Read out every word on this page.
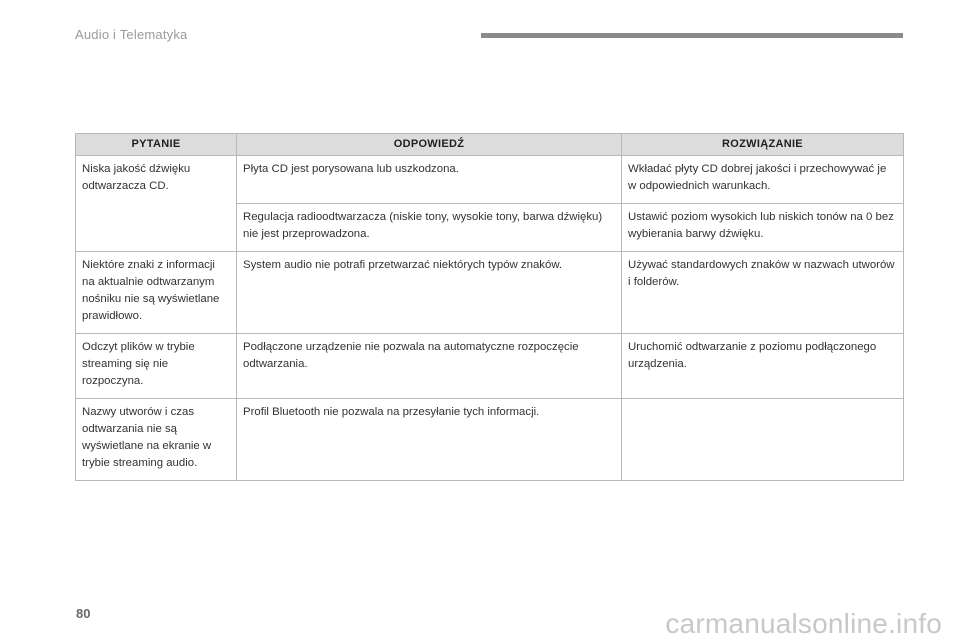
Audio i Telematyka
PYTANIE	ODPOWIEDŹ	ROZWIĄZANIE
Niska jakość dźwięku odtwarzacza CD.	Płyta CD jest porysowana lub uszkodzona.	Wkładać płyty CD dobrej jakości i przechowywać je w odpowiednich warunkach.
	Regulacja radioodtwarzacza (niskie tony, wysokie tony, barwa dźwięku) nie jest przeprowadzona.	Ustawić poziom wysokich lub niskich tonów na 0 bez wybierania barwy dźwięku.
Niektóre znaki z informacji na aktualnie odtwarzanym nośniku nie są wyświetlane prawidłowo.	System audio nie potrafi przetwarzać niektórych typów znaków.	Używać standardowych znaków w nazwach utworów i folderów.
Odczyt plików w trybie streaming się nie rozpoczyna.	Podłączone urządzenie nie pozwala na automatyczne rozpoczęcie odtwarzania.	Uruchomić odtwarzanie z poziomu podłączonego urządzenia.
Nazwy utworów i czas odtwarzania nie są wyświetlane na ekranie w trybie streaming audio.	Profil Bluetooth nie pozwala na przesyłanie tych informacji.	
80	carmanualsonline.info
